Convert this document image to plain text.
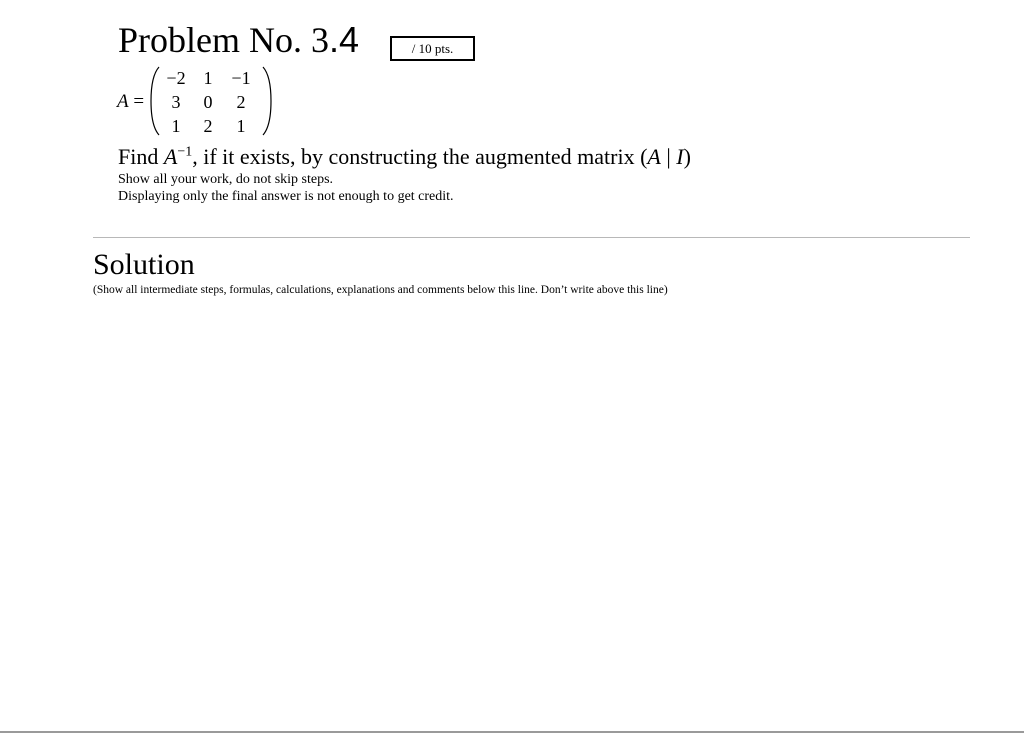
Problem No. 3.4	/ 10 pts.
A =
−2 1	−1
3	0	2
1	2	1
Find $A^{-1}$, if it exists, by constructing the augmented matrix (A | I)
Show all your work, do not skip steps.
Displaying only the final answer is not enough to get credit.
Solution
(Show all intermediate steps, formulas, calculations, explanations and comments below this line. Don’t write above this line)
